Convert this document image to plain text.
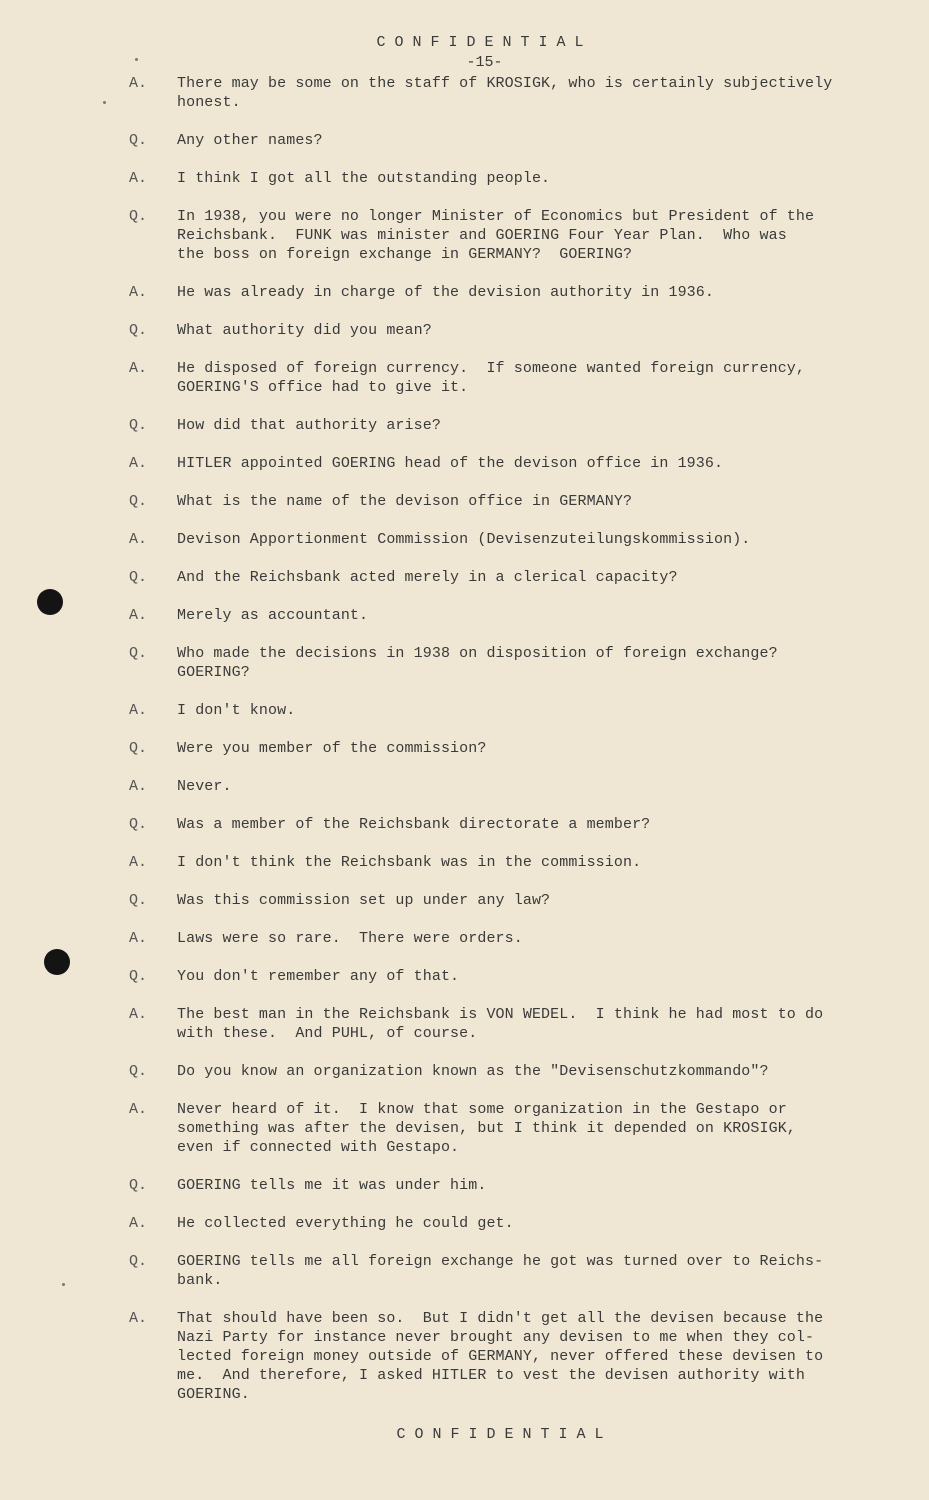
CONFIDENTIAL
-15-
A.	There may be some on the staff of KROSIGK, who is certainly subjectively
honest.
Q.	Any other names?
A.	I think I got all the outstanding people.
Q.	In 1938, you were no longer Minister of Economics but President of the
Reichsbank.  FUNK was minister and GOERING Four Year Plan.  Who was
the boss on foreign exchange in GERMANY?  GOERING?
A.	He was already in charge of the devision authority in 1936.
Q.	What authority did you mean?
A.	He disposed of foreign currency.  If someone wanted foreign currency,
GOERING'S office had to give it.
Q.	How did that authority arise?
A.	HITLER appointed GOERING head of the devison office in 1936.
Q.	What is the name of the devison office in GERMANY?
A.	Devison Apportionment Commission (Devisenzuteilungskommission).
Q.	And the Reichsbank acted merely in a clerical capacity?
A.	Merely as accountant.
Q.	Who made the decisions in 1938 on disposition of foreign exchange?
GOERING?
A.	I don't know.
Q.	Were you member of the commission?
A.	Never.
Q.	Was a member of the Reichsbank directorate a member?
A.	I don't think the Reichsbank was in the commission.
Q.	Was this commission set up under any law?
A.	Laws were so rare.  There were orders.
Q.	You don't remember any of that.
A.	The best man in the Reichsbank is VON WEDEL.  I think he had most to do
with these.  And PUHL, of course.
Q.	Do you know an organization known as the "Devisenschutzkommando"?
A.	Never heard of it.  I know that some organization in the Gestapo or
something was after the devisen, but I think it depended on KROSIGK,
even if connected with Gestapo.
Q.	GOERING tells me it was under him.
A.	He collected everything he could get.
Q.	GOERING tells me all foreign exchange he got was turned over to Reichs-
bank.
A.	That should have been so.  But I didn't get all the devisen because the
Nazi Party for instance never brought any devisen to me when they col-
lected foreign money outside of GERMANY, never offered these devisen to
me.  And therefore, I asked HITLER to vest the devisen authority with
GOERING.
CONFIDENTIAL
